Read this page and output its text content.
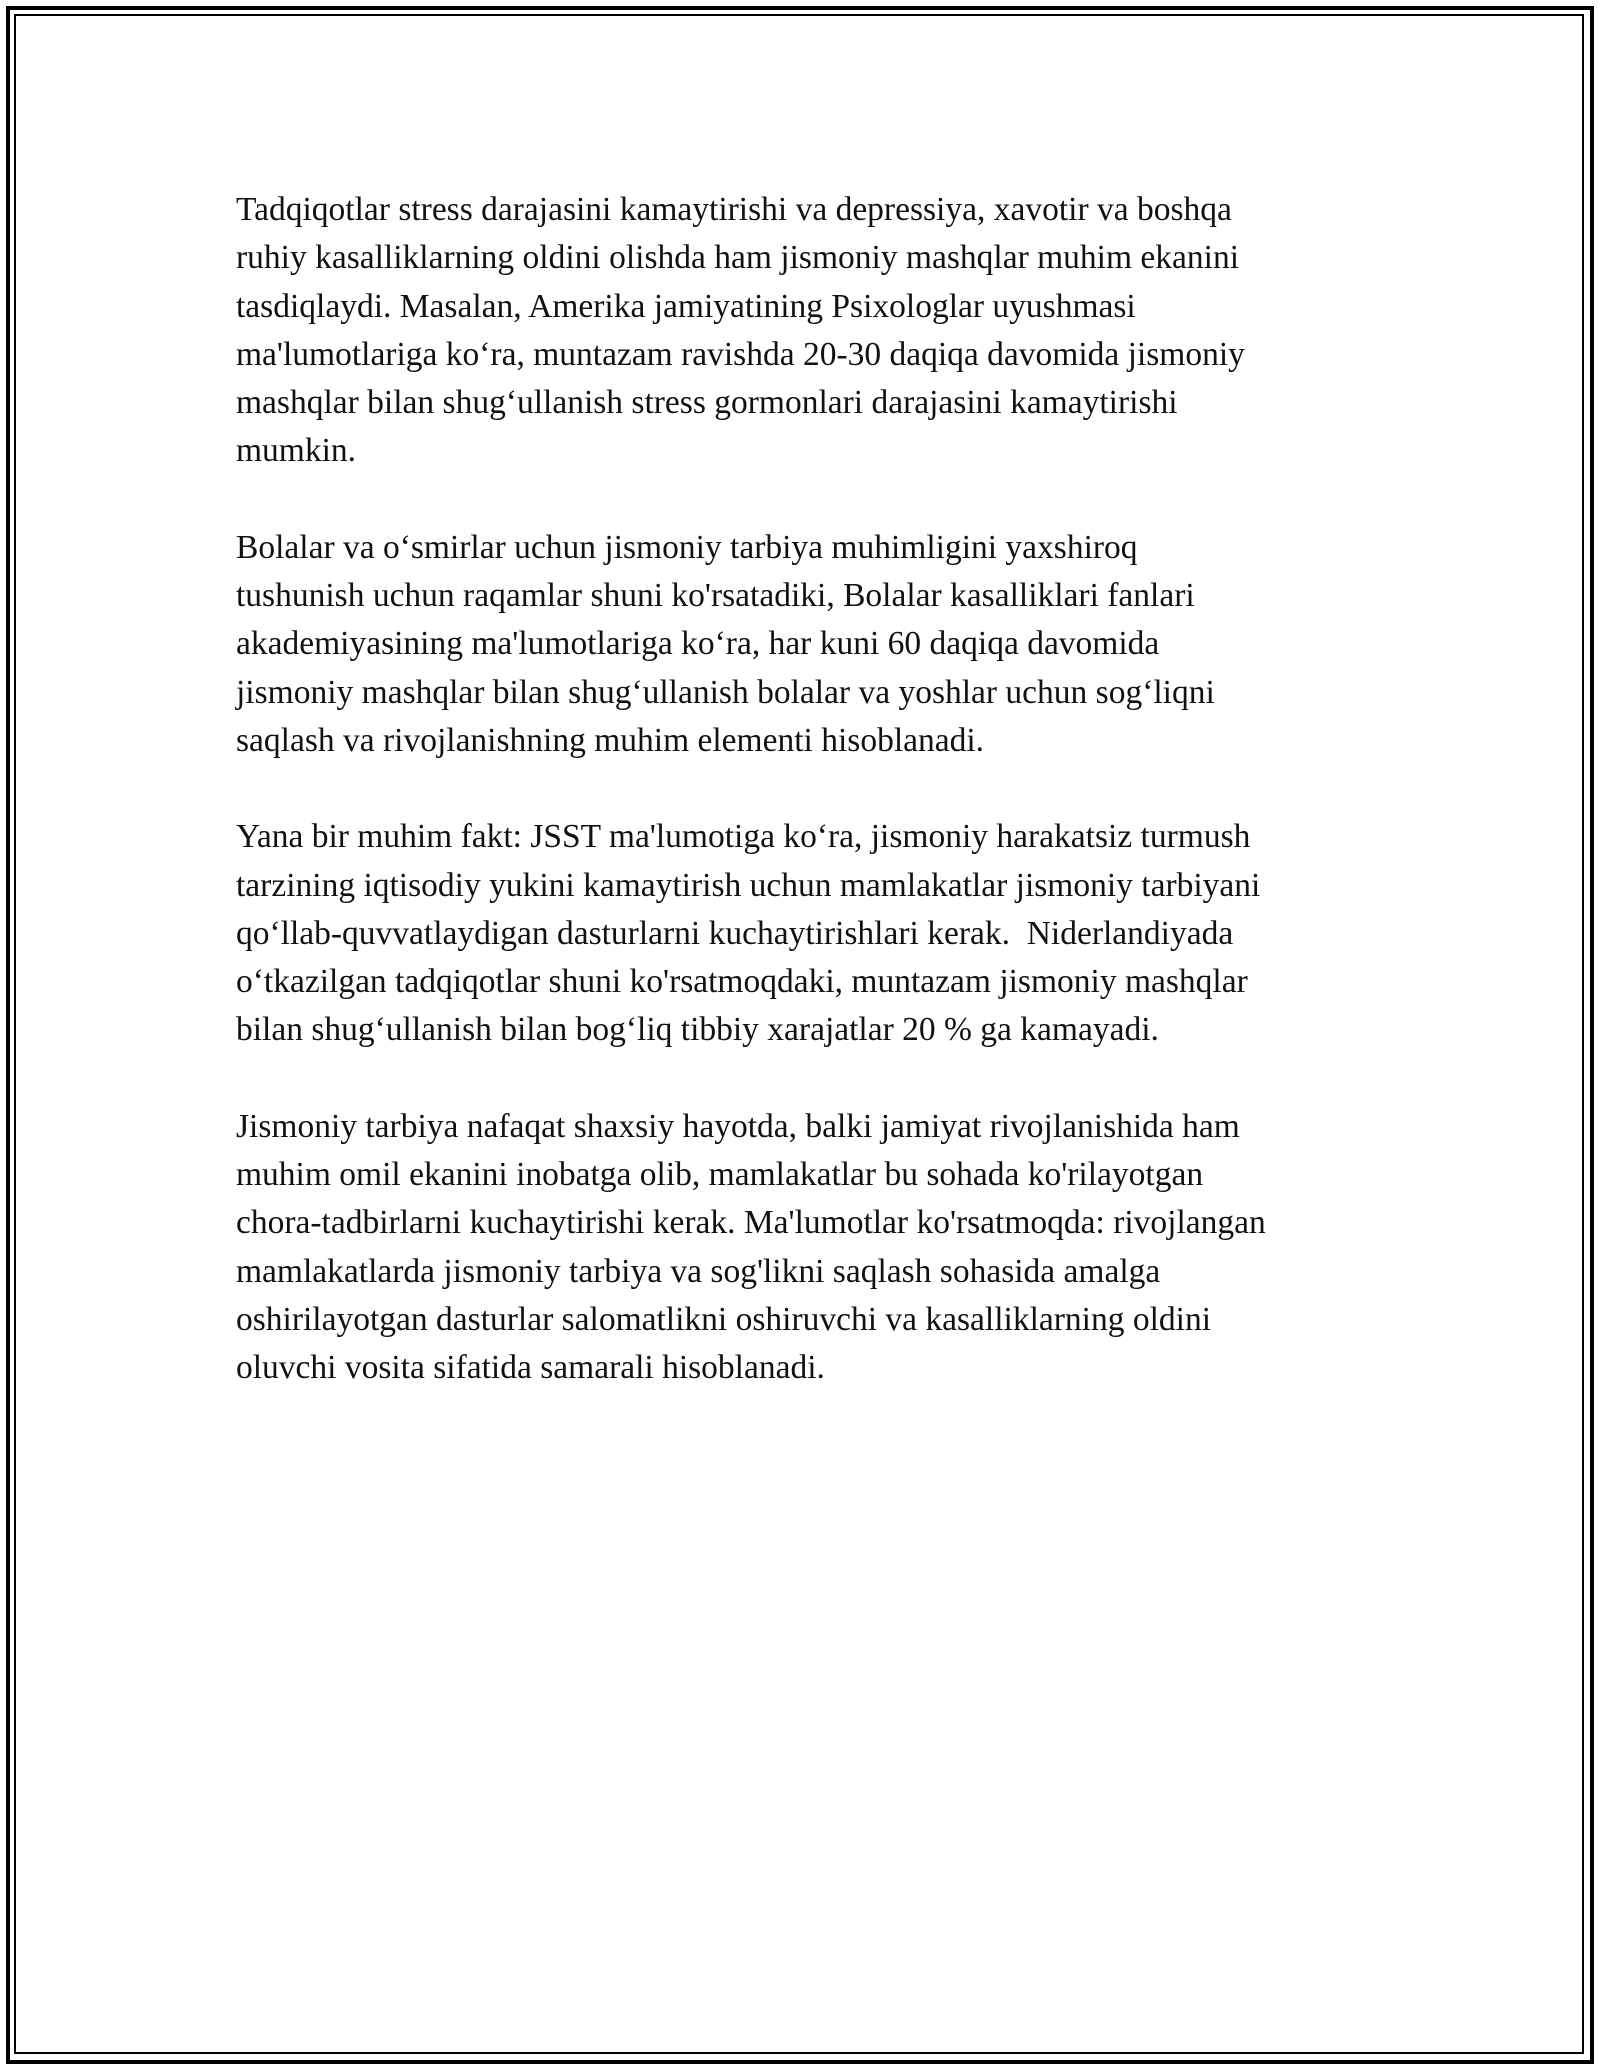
Tadqiqotlar stress darajasini kamaytirishi va depressiya, xavotir va boshqa
ruhiy kasalliklarning oldini olishda ham jismoniy mashqlar muhim ekanini
tasdiqlaydi. Masalan, Amerika jamiyatining Psixologlar uyushmasi
ma'lumotlariga koʻra, muntazam ravishda 20-30 daqiqa davomida jismoniy
mashqlar bilan shugʻullanish stress gormonlari darajasini kamaytirishi
mumkin.

Bolalar va oʻsmirlar uchun jismoniy tarbiya muhimligini yaxshiroq
tushunish uchun raqamlar shuni ko'rsatadiki, Bolalar kasalliklari fanlari
akademiyasining ma'lumotlariga koʻra, har kuni 60 daqiqa davomida
jismoniy mashqlar bilan shugʻullanish bolalar va yoshlar uchun sogʻliqni
saqlash va rivojlanishning muhim elementi hisoblanadi.

Yana bir muhim fakt: JSST ma'lumotiga koʻra, jismoniy harakatsiz turmush
tarzining iqtisodiy yukini kamaytirish uchun mamlakatlar jismoniy tarbiyani
qoʻllab-quvvatlaydigan dasturlarni kuchaytirishlari kerak.  Niderlandiyada
oʻtkazilgan tadqiqotlar shuni ko'rsatmoqdaki, muntazam jismoniy mashqlar
bilan shugʻullanish bilan bogʻliq tibbiy xarajatlar 20 % ga kamayadi.

Jismoniy tarbiya nafaqat shaxsiy hayotda, balki jamiyat rivojlanishida ham
muhim omil ekanini inobatga olib, mamlakatlar bu sohada ko'rilayotgan
chora-tadbirlarni kuchaytirishi kerak. Ma'lumotlar ko'rsatmoqda: rivojlangan
mamlakatlarda jismoniy tarbiya va sog'likni saqlash sohasida amalga
oshirilayotgan dasturlar salomatlikni oshiruvchi va kasalliklarning oldini
oluvchi vosita sifatida samarali hisoblanadi.
